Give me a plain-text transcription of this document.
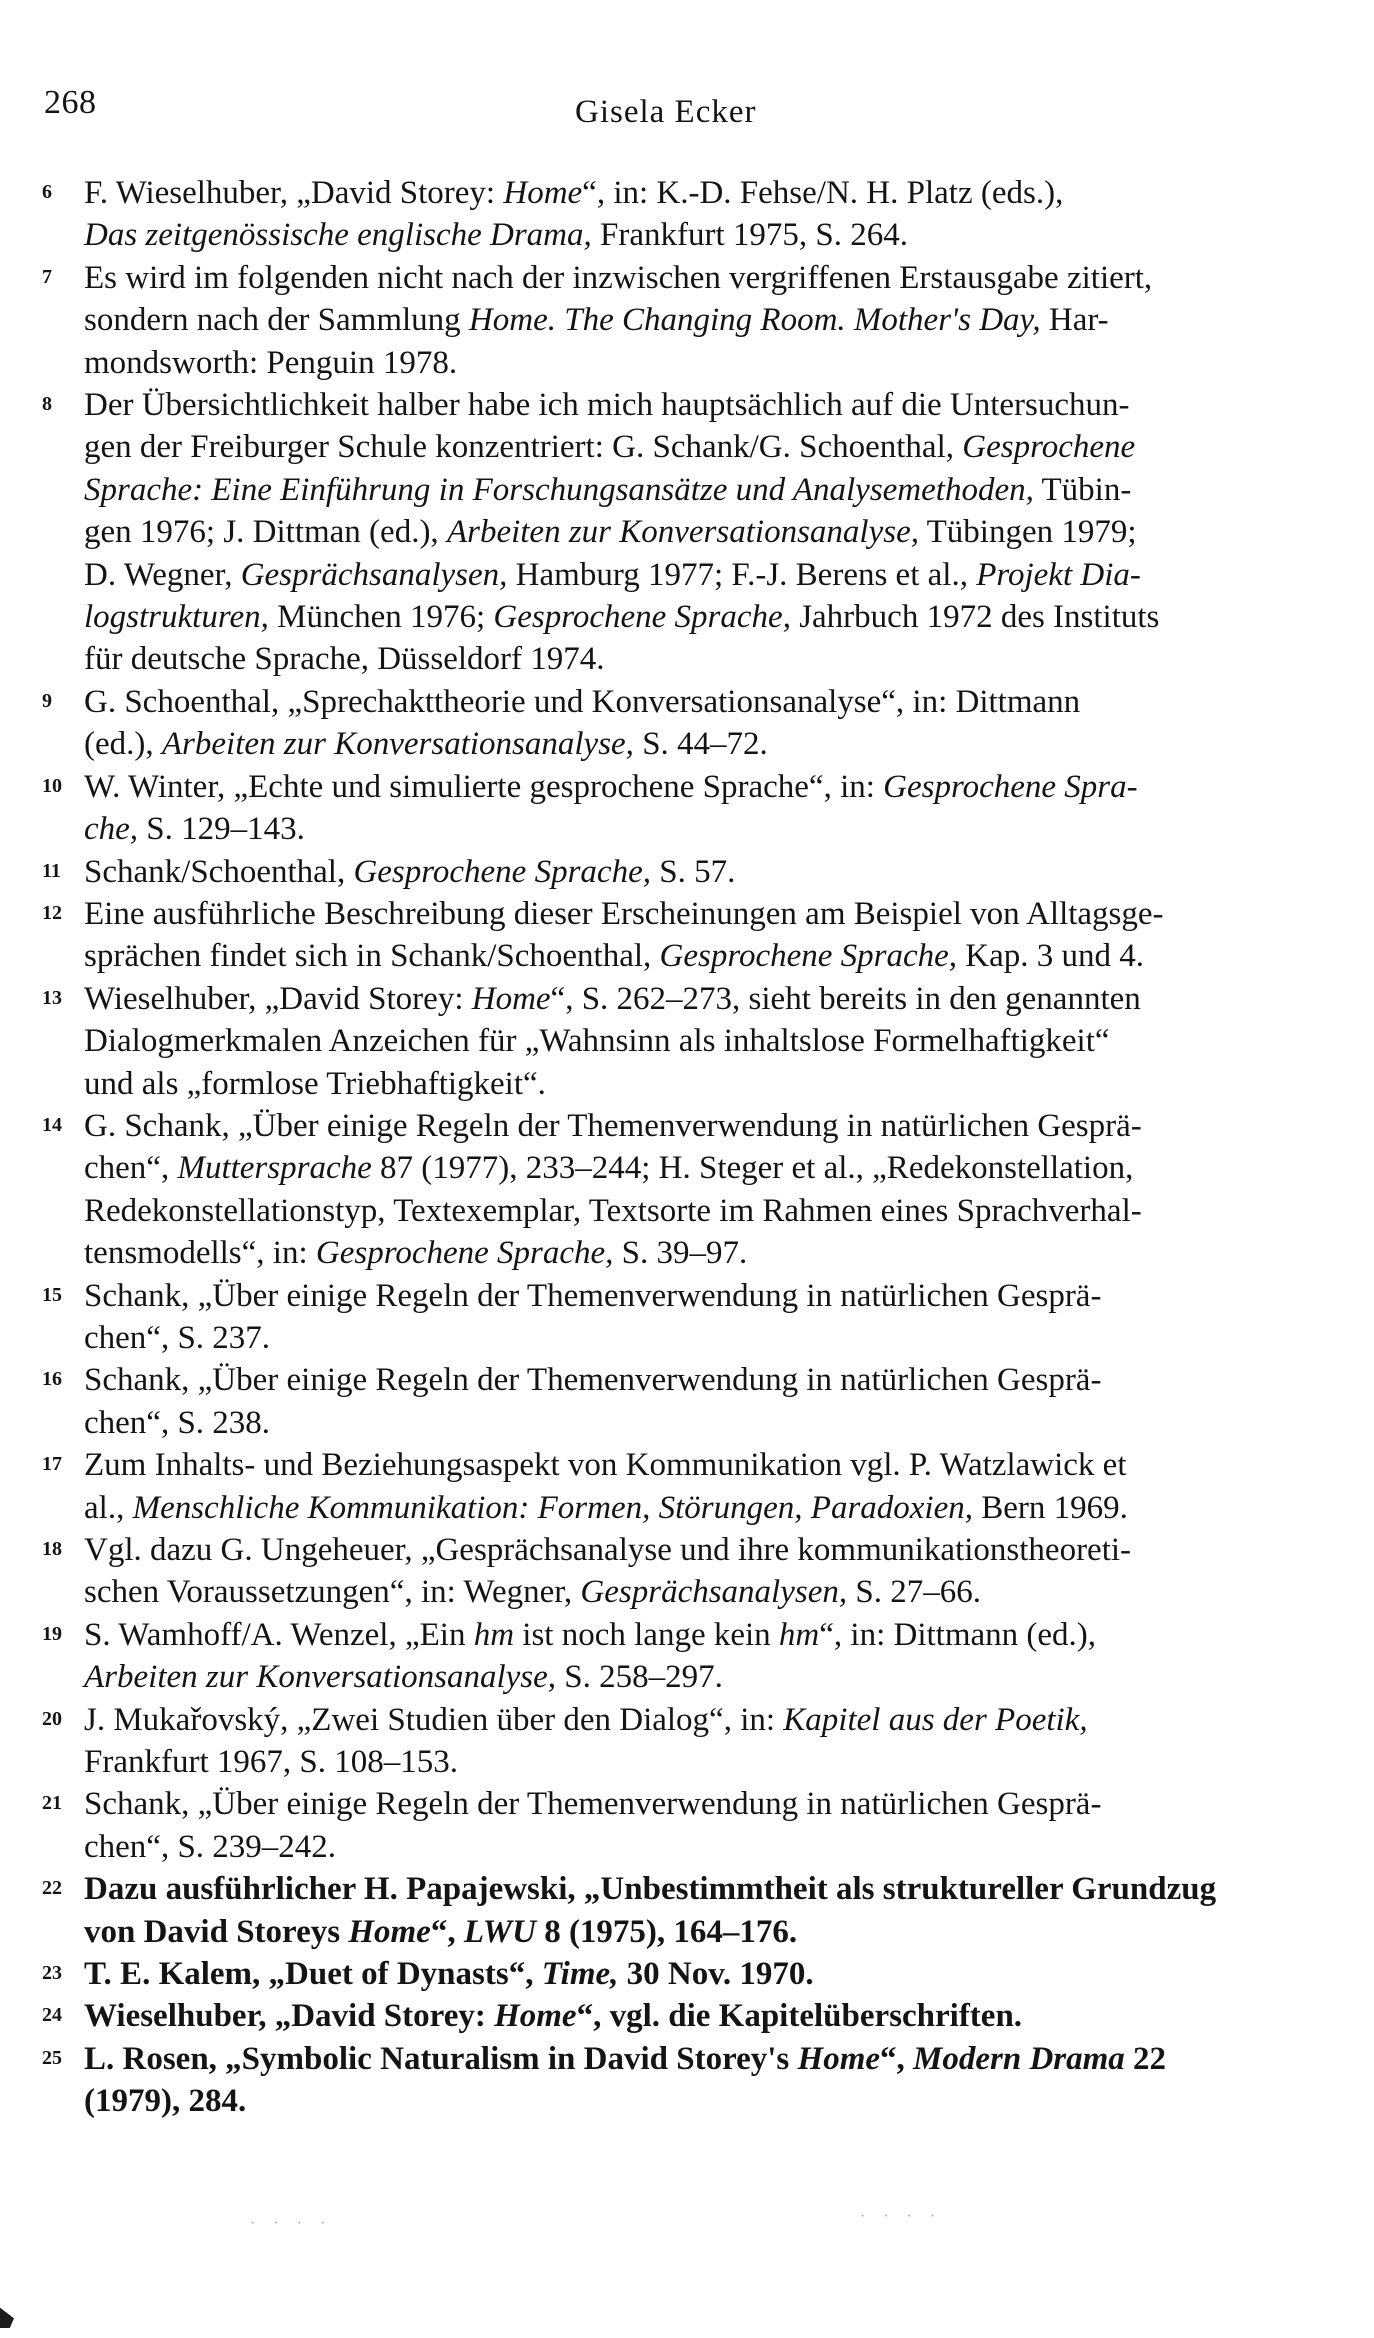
268	Gisela Ecker
6 F. Wieselhuber, „David Storey: Home“, in: K.-D. Fehse/N. H. Platz (eds.),
Das zeitgenössische englische Drama, Frankfurt 1975, S. 264.
7 Es wird im folgenden nicht nach der inzwischen vergriffenen Erstausgabe zitiert,
sondern nach der Sammlung Home. The Changing Room. Mother's Day, Har-
mondsworth: Penguin 1978.
8 Der Übersichtlichkeit halber habe ich mich hauptsächlich auf die Untersuchun-
gen der Freiburger Schule konzentriert: G. Schank/G. Schoenthal, Gesprochene
Sprache: Eine Einführung in Forschungsansätze und Analysemethoden, Tübin-
gen 1976; J. Dittman (ed.), Arbeiten zur Konversationsanalyse, Tübingen 1979;
D. Wegner, Gesprächsanalysen, Hamburg 1977; F.-J. Berens et al., Projekt Dia-
logstrukturen, München 1976; Gesprochene Sprache, Jahrbuch 1972 des Instituts
für deutsche Sprache, Düsseldorf 1974.
9 G. Schoenthal, „Sprechakttheorie und Konversationsanalyse“, in: Dittmann
(ed.), Arbeiten zur Konversationsanalyse, S. 44–72.
10 W. Winter, „Echte und simulierte gesprochene Sprache“, in: Gesprochene Spra-
che, S. 129–143.
11 Schank/Schoenthal, Gesprochene Sprache, S. 57.
12 Eine ausführliche Beschreibung dieser Erscheinungen am Beispiel von Alltagsge-
sprächen findet sich in Schank/Schoenthal, Gesprochene Sprache, Kap. 3 und 4.
13 Wieselhuber, „David Storey: Home“, S. 262–273, sieht bereits in den genannten
Dialogmerkmalen Anzeichen für „Wahnsinn als inhaltslose Formelhaftigkeit“
und als „formlose Triebhaftigkeit“.
14 G. Schank, „Über einige Regeln der Themenverwendung in natürlichen Gesprä-
chen“, Muttersprache 87 (1977), 233–244; H. Steger et al., „Redekonstellation,
Redekonstellationstyp, Textexemplar, Textsorte im Rahmen eines Sprachverhal-
tensmodells“, in: Gesprochene Sprache, S. 39–97.
15 Schank, „Über einige Regeln der Themenverwendung in natürlichen Gesprä-
chen“, S. 237.
16 Schank, „Über einige Regeln der Themenverwendung in natürlichen Gesprä-
chen“, S. 238.
17 Zum Inhalts- und Beziehungsaspekt von Kommunikation vgl. P. Watzlawick et
al., Menschliche Kommunikation: Formen, Störungen, Paradoxien, Bern 1969.
18 Vgl. dazu G. Ungeheuer, „Gesprächsanalyse und ihre kommunikationstheoreti-
schen Voraussetzungen“, in: Wegner, Gesprächsanalysen, S. 27–66.
19 S. Wamhoff/A. Wenzel, „Ein hm ist noch lange kein hm“, in: Dittmann (ed.),
Arbeiten zur Konversationsanalyse, S. 258–297.
20 J. Mukařovský, „Zwei Studien über den Dialog“, in: Kapitel aus der Poetik,
Frankfurt 1967, S. 108–153.
21 Schank, „Über einige Regeln der Themenverwendung in natürlichen Gesprä-
chen“, S. 239–242.
22 Dazu ausführlicher H. Papajewski, „Unbestimmtheit als struktureller Grundzug
von David Storeys Home“, LWU 8 (1975), 164–176.
23 T. E. Kalem, „Duet of Dynasts“, Time, 30 Nov. 1970.
24 Wieselhuber, „David Storey: Home“, vgl. die Kapitelüberschriften.
25 L. Rosen, „Symbolic Naturalism in David Storey's Home“, Modern Drama 22
(1979), 284.
· · · ·	· · · ·
